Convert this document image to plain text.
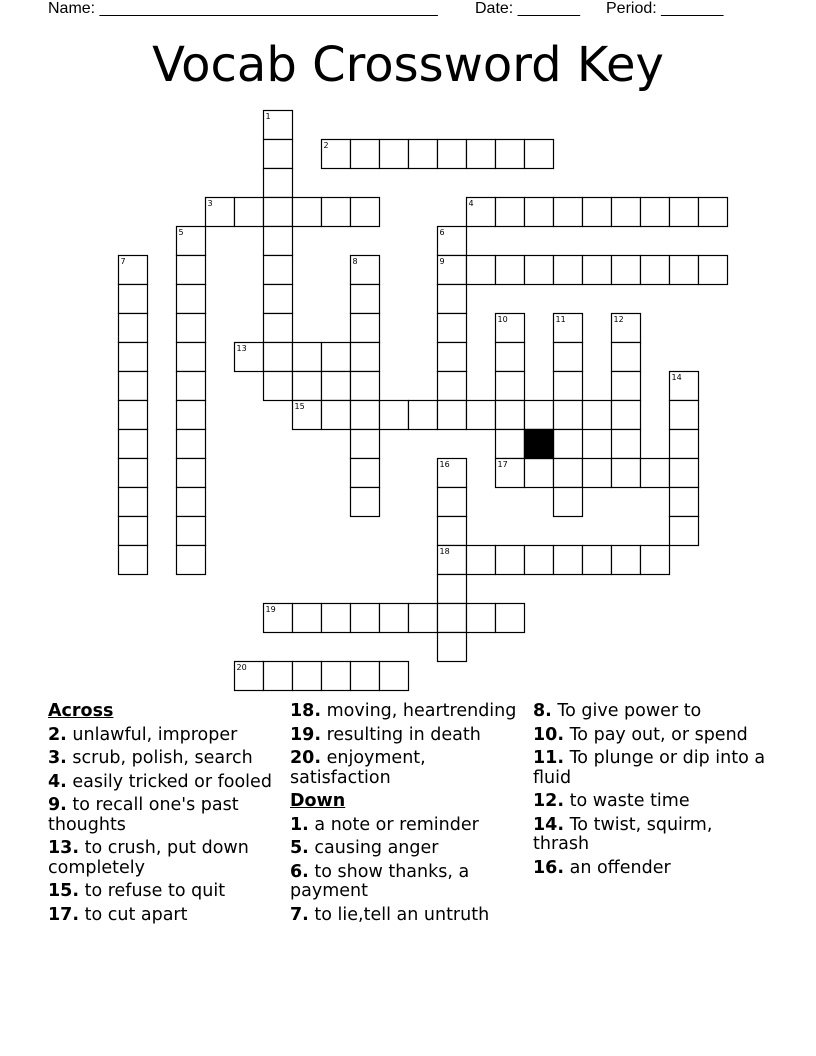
Name: ______________________________________ Date: _______ Period: _______
Vocab Crossword Key
1
2
3	4
5	6
7	8	9
10	11	12
13
14
15
16	17
18
19
20
Across
2. unlawful, improper
3. scrub, polish, search
4. easily tricked or fooled
9. to recall one's past thoughts
13. to crush, put down completely
15. to refuse to quit
17. to cut apart
18. moving, heartrending
19. resulting in death
20. enjoyment, satisfaction
Down
1. a note or reminder
5. causing anger
6. to show thanks, a payment
7. to lie,tell an untruth
8. To give power to
10. To pay out, or spend
11. To plunge or dip into a fluid
12. to waste time
14. To twist, squirm, thrash
16. an offender
